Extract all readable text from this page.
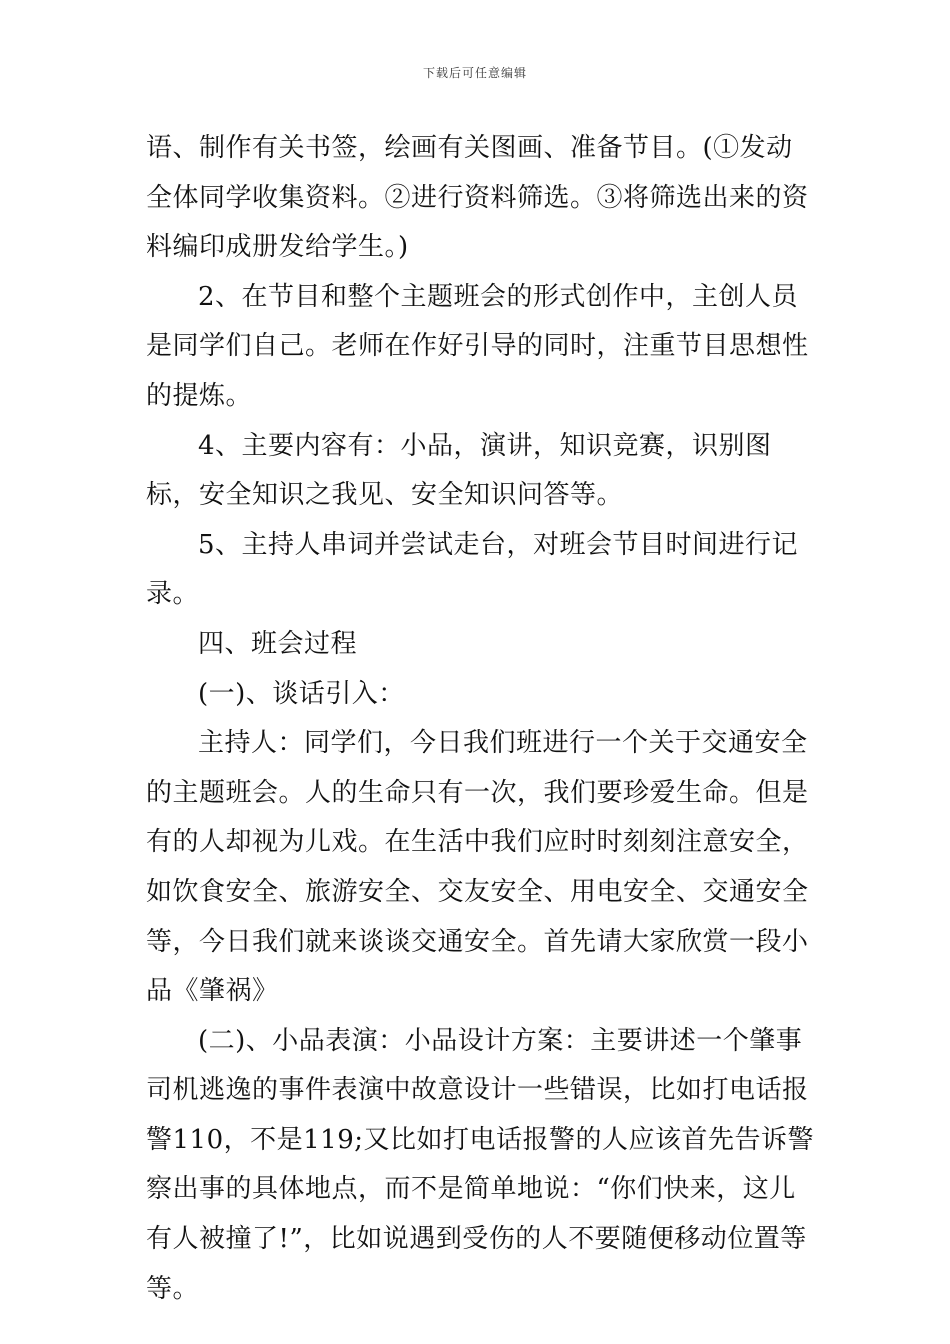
下载后可任意编辑

语、制作有关书签，绘画有关图画、准备节目。(①发动全体同学收集资料。②进行资料筛选。③将筛选出来的资料编印成册发给学生。)

2、在节目和整个主题班会的形式创作中，主创人员是同学们自己。老师在作好引导的同时，注重节目思想性的提炼。

4、主要内容有：小品，演讲，知识竞赛，识别图标，安全知识之我见、安全知识问答等。

5、主持人串词并尝试走台，对班会节目时间进行记录。

四、班会过程

(一)、谈话引入：

主持人：同学们，今日我们班进行一个关于交通安全的主题班会。人的生命只有一次，我们要珍爱生命。但是有的人却视为儿戏。在生活中我们应时时刻刻注意安全，如饮食安全、旅游安全、交友安全、用电安全、交通安全等，今日我们就来谈谈交通安全。首先请大家欣赏一段小品《肇祸》

(二)、小品表演：小品设计方案：主要讲述一个肇事司机逃逸的事件表演中故意设计一些错误，比如打电话报警110，不是119;又比如打电话报警的人应该首先告诉警察出事的具体地点，而不是简单地说：“你们快来，这儿有人被撞了!”，比如说遇到受伤的人不要随便移动位置等等。
